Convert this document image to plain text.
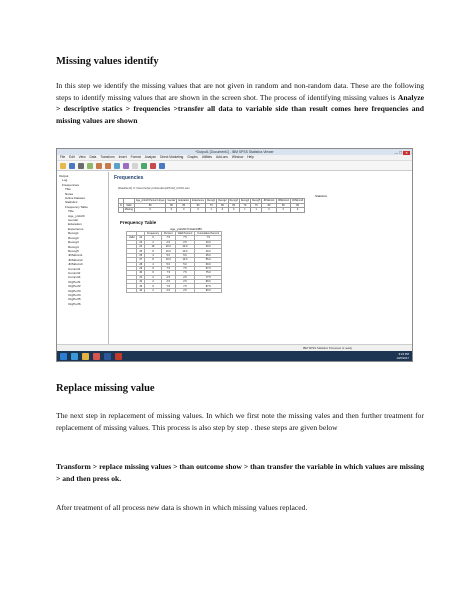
Missing values identify
In this step we identify the missing values that are not given in random and non-random data. These are the following steps to identify missing values that are shown in the screen shot. The process of identifying missing values is Analyze > descriptive statics > frequencies >transfer all data to variable side than result comes here frequencies and missing values are shown
*Output1 [Document1] - IBM SPSS Statistics Viewer	— ☐ ✕
File Edit View Data Transform Insert Format Analyze Direct Marketing Graphs Utilities Add-ons Window Help
Output
Log
Frequencies
Title
Notes
Active Dataset
Statistics
Frequency Table
Title
Age_yrsb20
Gender
Education
Experience
Recog1
Recog2
Recog3
Recog4
Recog5
JDSkincs1
JDSkincs2
JDSkincs3
Commit1
Commit2
Commit3
OrgPerf1
OrgPerf2
OrgPerf3
OrgPerf4
OrgPerf5
OrgPerf6
Frequencies
[DataSet1] C:\Users\ufar ps\Desktop\PICM_DATA.sav
Statistics
		Age_yrsb20 Person's Eyes	Gender	Education	Experience	Recog1	Recog2	Recog3	Recog4	Recog5	JDSkincs1	JDSkincs2	JDSkincs3
N	Valid	80	80	80	80	79	80	80	79	79	80	80	80
	Missing	0	0	0	0	1	0	0	1	1	0	0	0
Frequency Table
Age_yrsb2017Initial/1386
		Frequency	Percent	Valid Percent	Cumulative Percent
Valid	22	6	7.5	7.5	7.5
	23	2	2.5	2.5	10.0
	24	16	20.0	20.0	30.0
	25	8	10.0	10.0	40.0
	26	4	5.0	5.0	45.0
	27	8	10.0	10.0	55.0
	28	4	5.0	5.0	60.0
	29	6	7.5	7.5	67.5
	30	6	7.5	7.5	75.0
	31	2	2.5	2.5	77.5
	32	2	2.5	2.5	80.0
	33	6	7.5	7.5	87.5
	44	2	2.5	2.5	90.0
IBM SPSS Statistics Processor is ready
9:23 PM
10/6/2017
Replace missing value
The next step in replacement of missing values. In which we first note the missing vales and then further treatment for replacement of missing values. This process is also step by step . these steps are given below
Transform > replace missing values > than outcome show > than transfer the variable in which values are missing > and then press ok.
After treatment of all process new data is shown in which missing values replaced.
